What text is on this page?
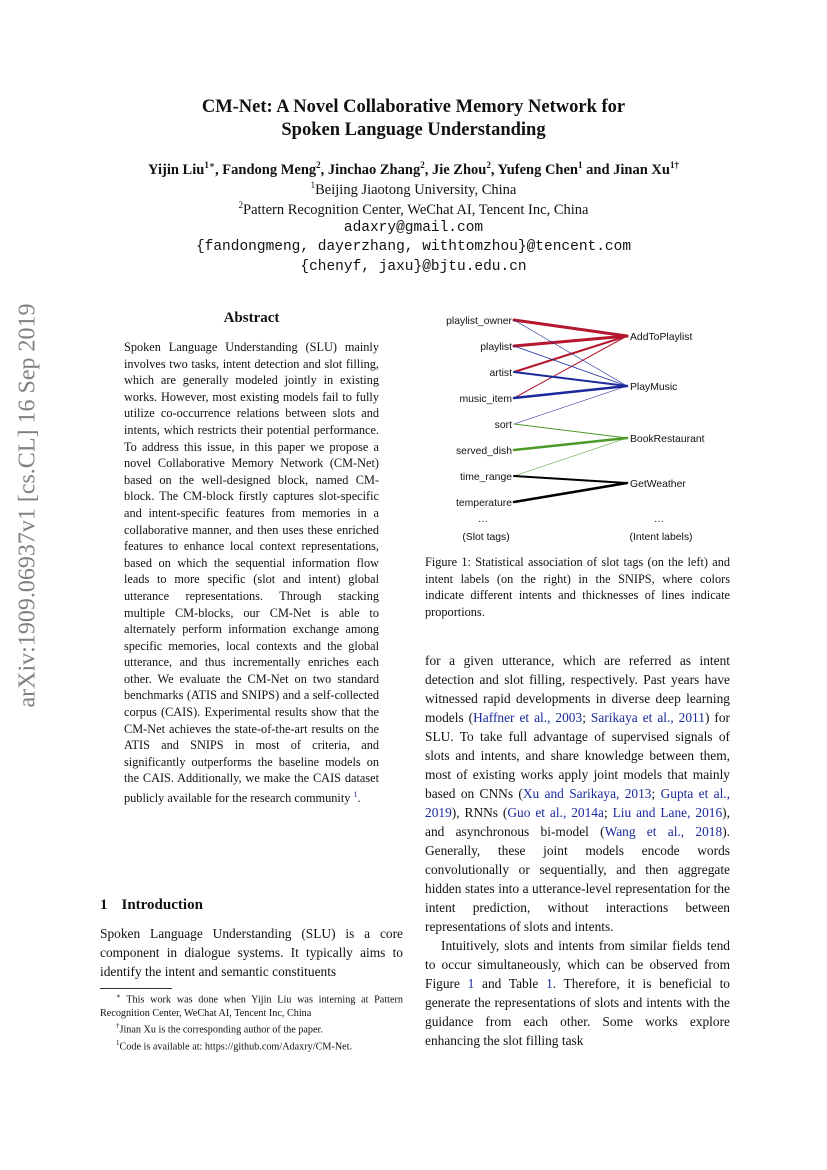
CM-Net: A Novel Collaborative Memory Network for
Spoken Language Understanding
Yijin Liu$^{1∗}$, Fandong Meng$^2$, Jinchao Zhang$^2$, Jie Zhou$^2$, Yufeng Chen$^1$ and Jinan $Xu^{1\dagger}$
$^1$Beijing Jiaotong University, China
$^2$Pattern Recognition Center, WeChat AI, Tencent Inc, China
adaxry@gmail.com
{fandongmeng, dayerzhang, withtomzhou}@tencent.com
{chenyf, jaxu}@bjtu.edu.cn
arXiv:1909.06937v1 [cs.CL] 16 Sep 2019	Abstract
Spoken Language Understanding (SLU) mainly involves two tasks, intent detection and slot filling, which are generally modeled jointly in existing works. However, most existing models fail to fully utilize co-occurrence relations between slots and intents, which restricts their potential performance. To address this issue, in this paper we propose a novel Collaborative Memory Network (CM-Net) based on the well-designed block, named CM-block. The CM-block firstly captures slot-specific and intent-specific features from memories in a collaborative manner, and then uses these enriched features to enhance local context representations, based on which the sequential information flow leads to more specific (slot and intent) global utterance representations. Through stacking multiple CM-blocks, our CM-Net is able to alternately perform information exchange among specific memories, local contexts and the global utterance, and thus incrementally enriches each other. We evaluate the CM-Net on two standard benchmarks (ATIS and SNIPS) and a self-collected corpus (CAIS). Experimental results show that the CM-Net achieves the state-of-the-art results on the ATIS and SNIPS in most of criteria, and significantly outperforms the baseline models on the CAIS. Additionally, we make the CAIS dataset publicly available for the research community $^1$.
1 Introduction
Spoken Language Understanding (SLU) is a core component in dialogue systems. It typically aims to identify the intent and semantic constituents

∗ This work was done when Yijin Liu was interning at Pattern Recognition Center, WeChat AI, Tencent Inc, China

†Jinan Xu is the corresponding author of the paper.

$^1$Code is available at: https://github.com/Adaxry/CM-Net.

playlist_owner
playlist
artist
music_item
sort
served_dish
time_range
temperature
AddToPlaylist
PlayMusic
BookRestaurant
GetWeather
…	…
(Slot tags)	(Intent labels)
Figure 1: Statistical association of slot tags (on the left) and intent labels (on the right) in the SNIPS, where colors indicate different intents and thicknesses of lines indicate proportions.

for a given utterance, which are referred as intent detection and slot filling, respectively. Past years have witnessed rapid developments in diverse deep learning models (Haffner et al., 2003; Sarikaya et al., 2011) for SLU. To take full advantage of supervised signals of slots and intents, and share knowledge between them, most of existing works apply joint models that mainly based on CNNs (Xu and Sarikaya, 2013; Gupta et al., 2019), RNNs (Guo et al., 2014a; Liu and Lane, 2016), and asynchronous bi-model (Wang et al., 2018). Generally, these joint models encode words convolutionally or sequentially, and then aggregate hidden states into a utterance-level representation for the intent prediction, without interactions between representations of slots and intents.

Intuitively, slots and intents from similar fields tend to occur simultaneously, which can be observed from Figure 1 and Table 1. Therefore, it is beneficial to generate the representations of slots and intents with the guidance from each other. Some works explore enhancing the slot filling task
